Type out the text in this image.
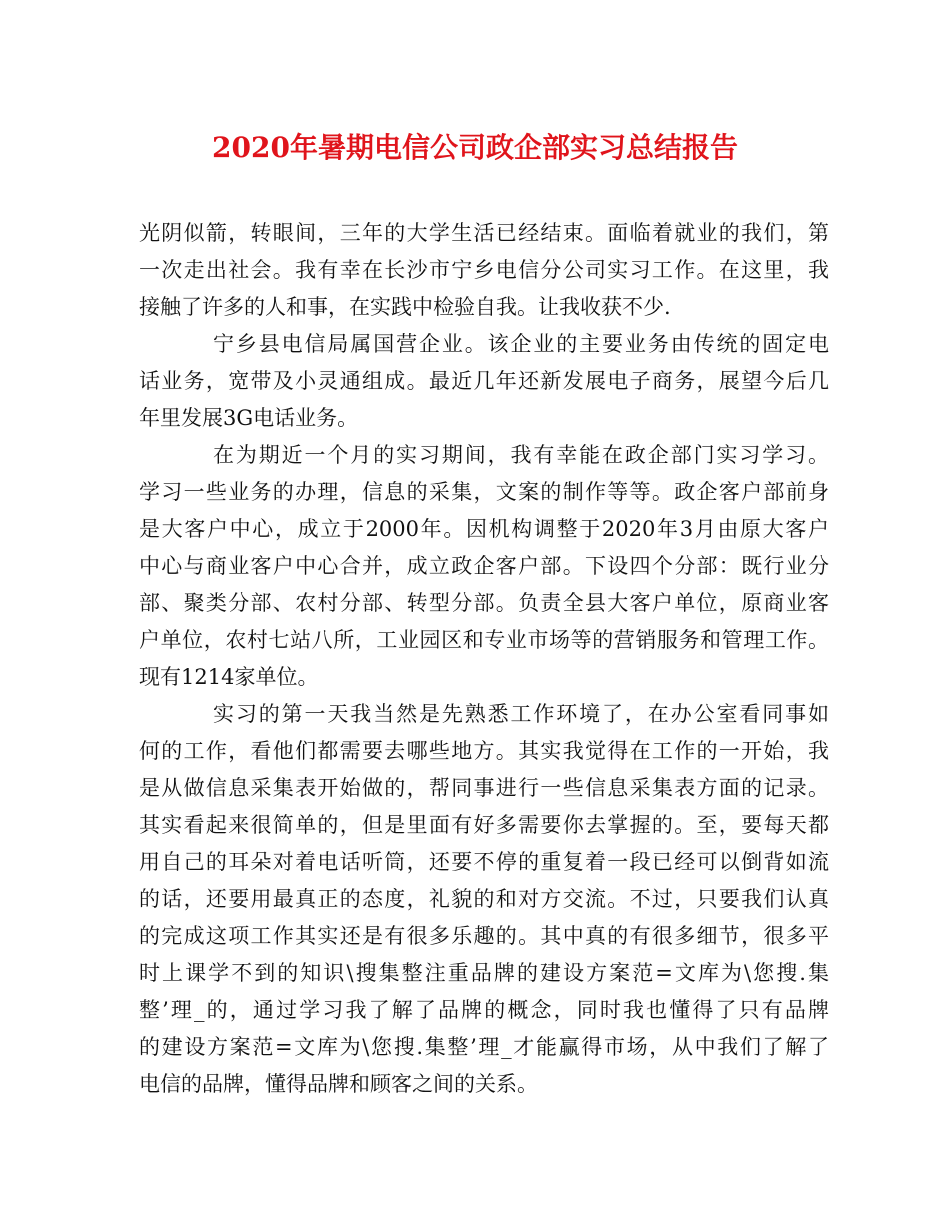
2020年暑期电信公司政企部实习总结报告
光阴似箭，转眼间，三年的大学生活已经结束。面临着就业的我们，第
一次走出社会。我有幸在长沙市宁乡电信分公司实习工作。在这里，我
接触了许多的人和事，在实践中检验自我。让我收获不少.
宁乡县电信局属国营企业。该企业的主要业务由传统的固定电
话业务，宽带及小灵通组成。最近几年还新发展电子商务，展望今后几
年里发展3G电话业务。
在为期近一个月的实习期间，我有幸能在政企部门实习学习。
学习一些业务的办理，信息的采集，文案的制作等等。政企客户部前身
是大客户中心，成立于2000年。因机构调整于2020年3月由原大客户
中心与商业客户中心合并，成立政企客户部。下设四个分部：既行业分
部、聚类分部、农村分部、转型分部。负责全县大客户单位，原商业客
户单位，农村七站八所，工业园区和专业市场等的营销服务和管理工作。
现有1214家单位。
实习的第一天我当然是先熟悉工作环境了，在办公室看同事如
何的工作，看他们都需要去哪些地方。其实我觉得在工作的一开始，我
是从做信息采集表开始做的，帮同事进行一些信息采集表方面的记录。
其实看起来很简单的，但是里面有好多需要你去掌握的。至，要每天都
用自己的耳朵对着电话听筒，还要不停的重复着一段已经可以倒背如流
的话，还要用最真正的态度，礼貌的和对方交流。不过，只要我们认真
的完成这项工作其实还是有很多乐趣的。其中真的有很多细节，很多平
时上课学不到的知识\搜集整注重品牌的建设方案范=文库为\您搜.集
整’理_的，通过学习我了解了品牌的概念，同时我也懂得了只有品牌
的建设方案范=文库为\您搜.集整’理_才能赢得市场，从中我们了解了
电信的品牌，懂得品牌和顾客之间的关系。
